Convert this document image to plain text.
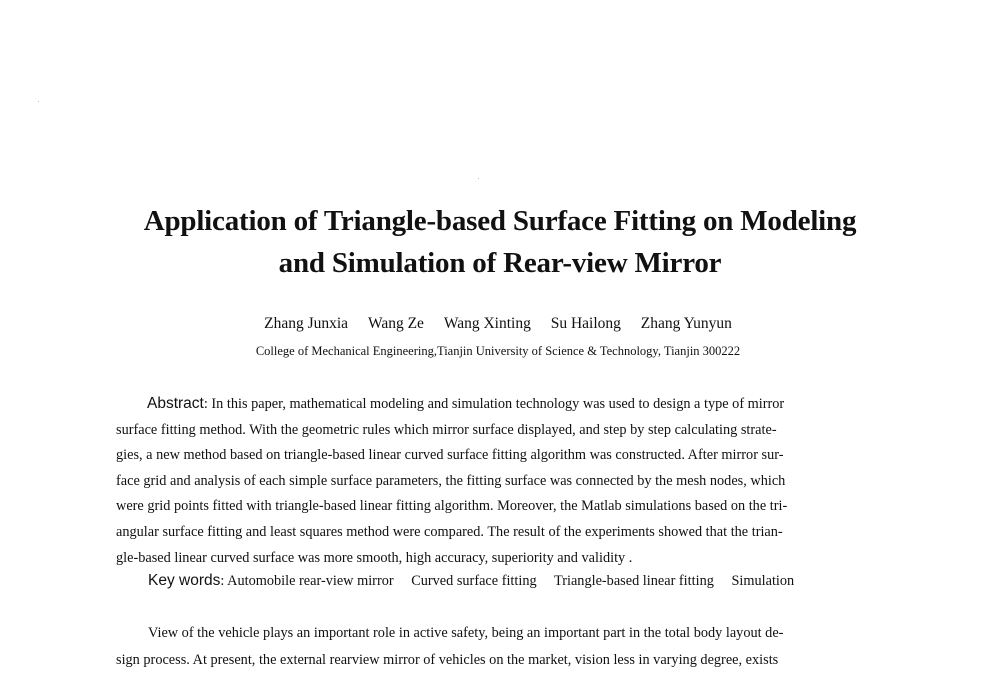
Application of Triangle-based Surface Fitting on Modeling
and Simulation of Rear-view Mirror
Zhang Junxia Wang Ze Wang Xinting Su Hailong Zhang Yunyun
College of Mechanical Engineering,Tianjin University of Science & Technology, Tianjin 300222
Abstract: In this paper, mathematical modeling and simulation technology was used to design a type of mirror
surface fitting method. With the geometric rules which mirror surface displayed, and step by step calculating strate-
gies, a new method based on triangle-based linear curved surface fitting algorithm was constructed. After mirror sur-
face grid and analysis of each simple surface parameters, the fitting surface was connected by the mesh nodes, which
were grid points fitted with triangle-based linear fitting algorithm. Moreover, the Matlab simulations based on the tri-
angular surface fitting and least squares method were compared. The result of the experiments showed that the trian-
gle-based linear curved surface was more smooth, high accuracy, superiority and validity .
Key words: Automobile rear-view mirror Curved surface fitting Triangle-based linear fitting Simulation
View of the vehicle plays an important role in active safety, being an important part in the total body layout de-
sign process. At present, the external rearview mirror of vehicles on the market, vision less in varying degree, exists
